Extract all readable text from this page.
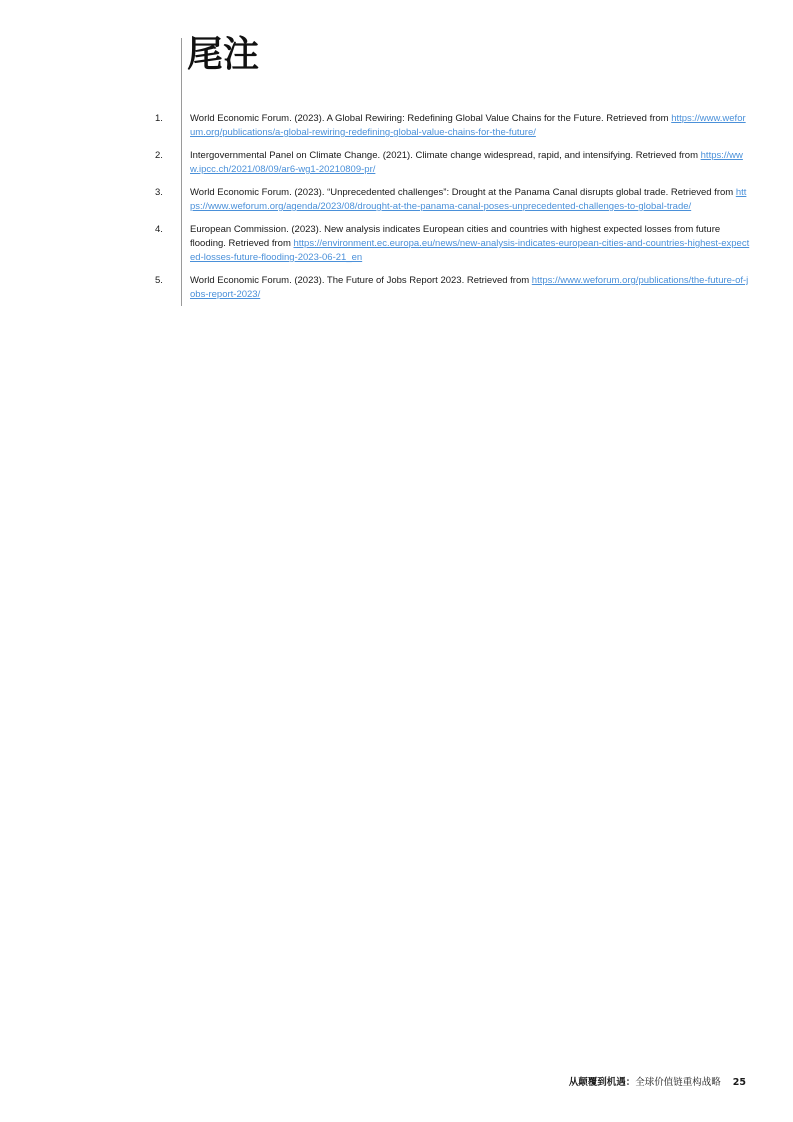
尾注
1.	World Economic Forum. (2023). A Global Rewiring: Redefining Global Value Chains for the Future. Retrieved from https://www.weforum.org/publications/a-global-rewiring-redefining-global-value-chains-for-the-future/
2.	Intergovernmental Panel on Climate Change. (2021). Climate change widespread, rapid, and intensifying. Retrieved from https://www.ipcc.ch/2021/08/09/ar6-wg1-20210809-pr/
3.	World Economic Forum. (2023). “Unprecedented challenges”: Drought at the Panama Canal disrupts global trade. Retrieved from https://www.weforum.org/agenda/2023/08/drought-at-the-panama-canal-poses-unprecedented-challenges-to-global-trade/
4.	European Commission. (2023). New analysis indicates European cities and countries with highest expected losses from future flooding. Retrieved from https://environment.ec.europa.eu/news/new-analysis-indicates-european-cities-and-countries-highest-expected-losses-future-flooding-2023-06-21_en
5.	World Economic Forum. (2023). The Future of Jobs Report 2023. Retrieved from https://www.weforum.org/publications/the-future-of-jobs-report-2023/
从颠覆到机遇：全球价值链重构战略 25
